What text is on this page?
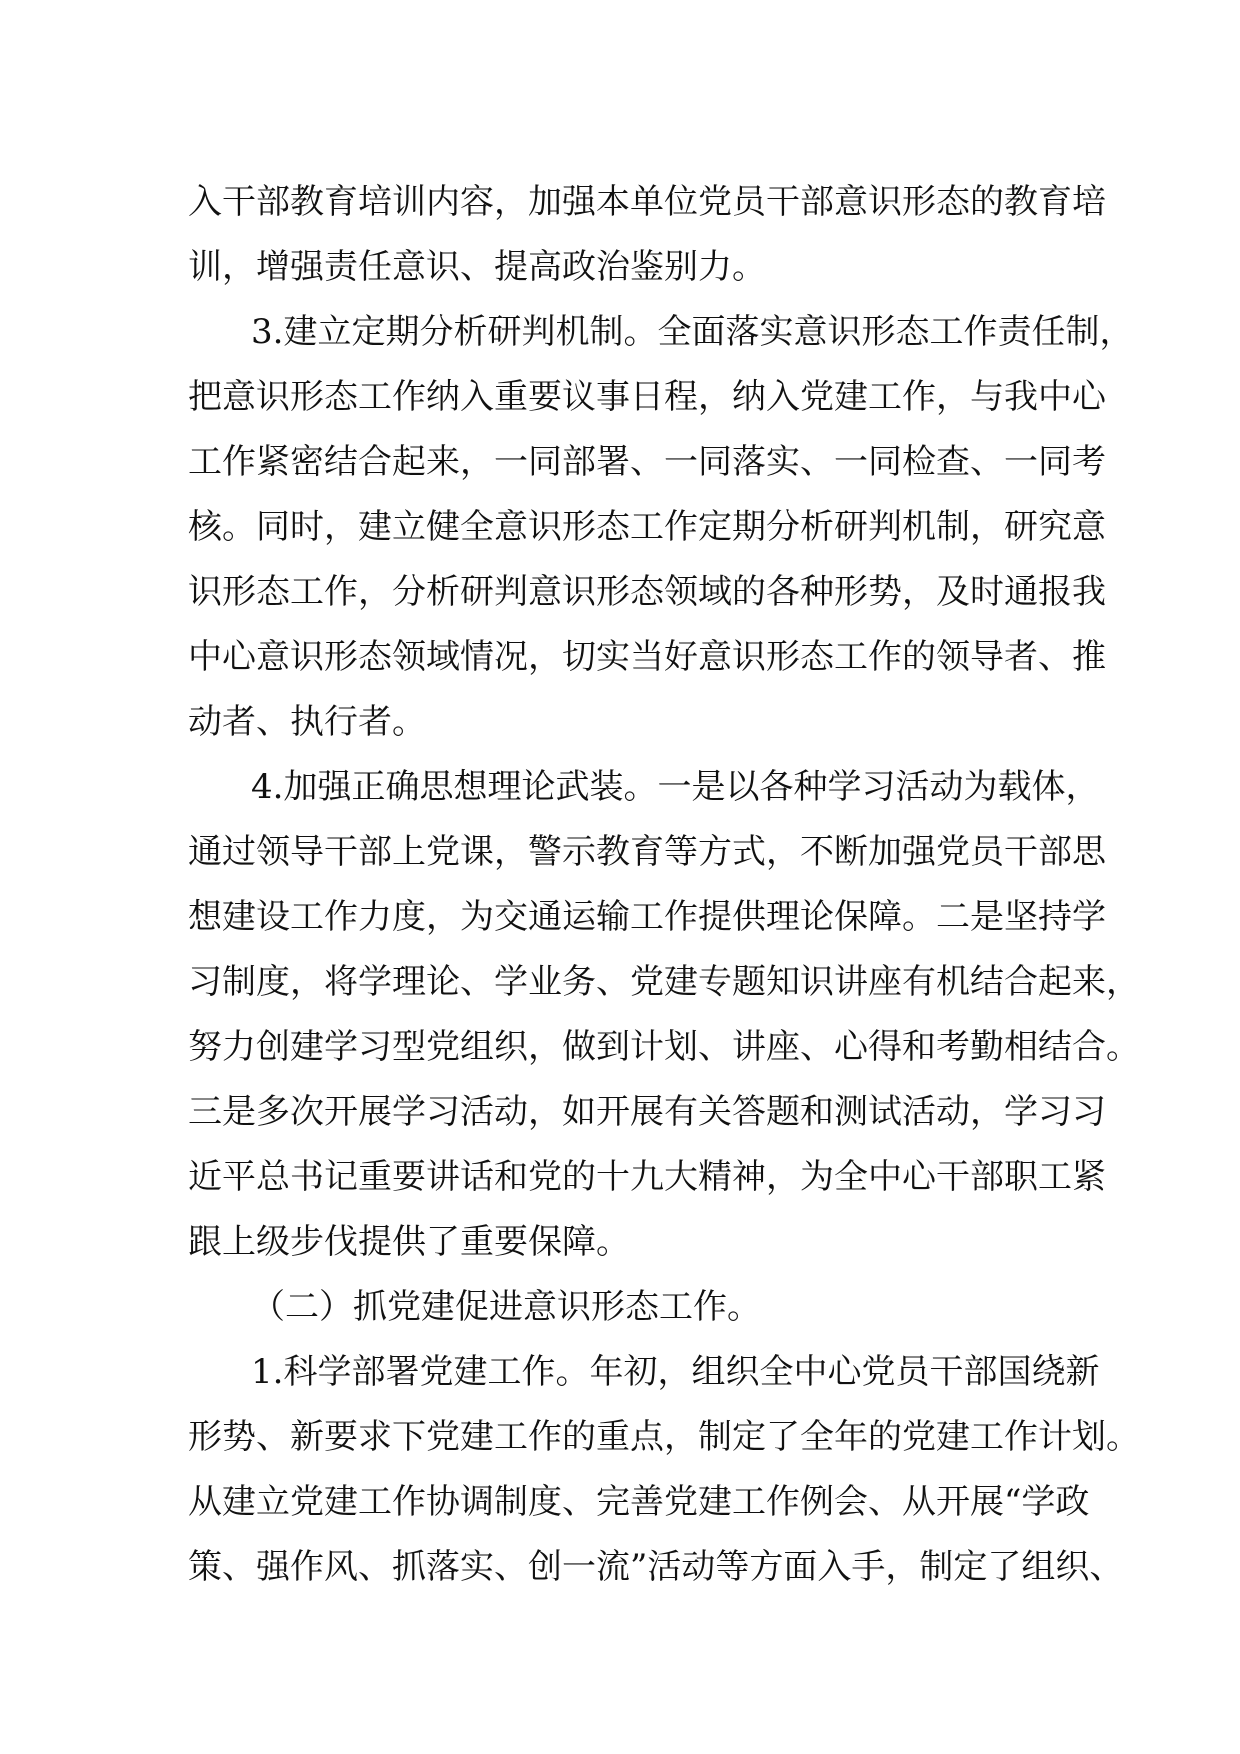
入干部教育培训内容，加强本单位党员干部意识形态的教育培
训，增强责任意识、提高政治鉴别力。
3.建立定期分析研判机制。全面落实意识形态工作责任制，
把意识形态工作纳入重要议事日程，纳入党建工作，与我中心
工作紧密结合起来，一同部署、一同落实、一同检查、一同考
核。同时，建立健全意识形态工作定期分析研判机制，研究意
识形态工作，分析研判意识形态领域的各种形势，及时通报我
中心意识形态领域情况，切实当好意识形态工作的领导者、推
动者、执行者。
4.加强正确思想理论武装。一是以各种学习活动为载体，
通过领导干部上党课，警示教育等方式，不断加强党员干部思
想建设工作力度，为交通运输工作提供理论保障。二是坚持学
习制度，将学理论、学业务、党建专题知识讲座有机结合起来，
努力创建学习型党组织，做到计划、讲座、心得和考勤相结合。
三是多次开展学习活动，如开展有关答题和测试活动，学习习
近平总书记重要讲话和党的十九大精神，为全中心干部职工紧
跟上级步伐提供了重要保障。
（二）抓党建促进意识形态工作。
1.科学部署党建工作。年初，组织全中心党员干部国绕新
形势、新要求下党建工作的重点，制定了全年的党建工作计划。
从建立党建工作协调制度、完善党建工作例会、从开展“学政
策、强作风、抓落实、创一流”活动等方面入手，制定了组织、
